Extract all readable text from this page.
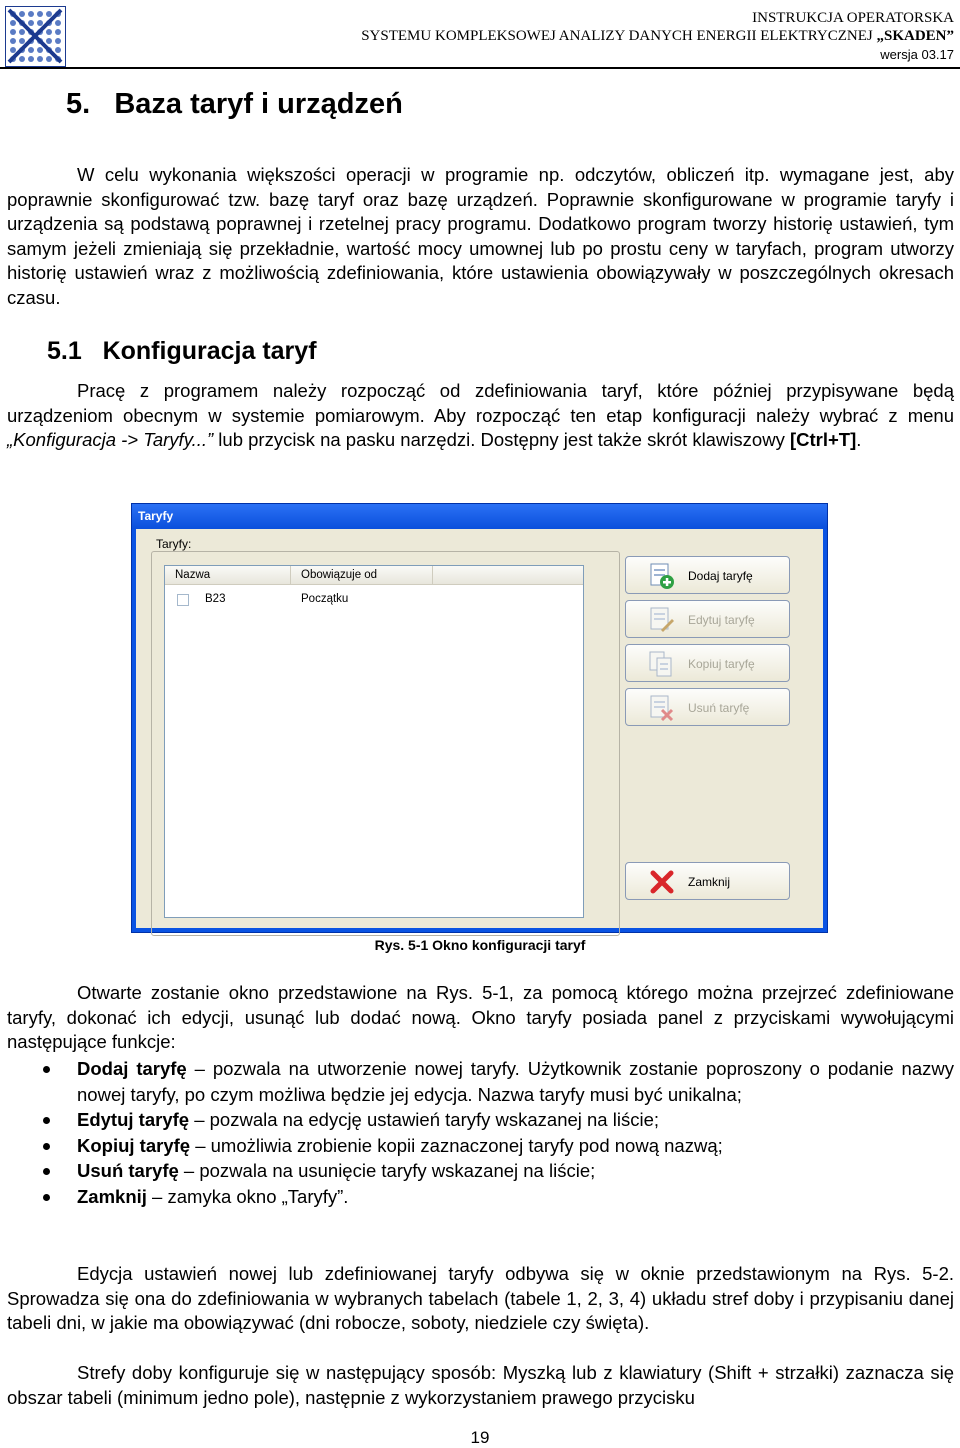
INSTRUKCJA OPERATORSKA
SYSTEMU KOMPLEKSOWEJ ANALIZY DANYCH ENERGII ELEKTRYCZNEJ „SKADEN”
wersja 03.17
5.   Baza taryf i urządzeń
W celu wykonania większości operacji w programie np. odczytów, obliczeń itp. wymagane jest, aby poprawnie skonfigurować tzw. bazę taryf oraz bazę urządzeń. Poprawnie skonfigurowane w programie taryfy i urządzenia są podstawą poprawnej i rzetelnej pracy programu. Dodatkowo program tworzy historię ustawień, tym samym jeżeli zmieniają się przekładnie, wartość mocy umownej lub po prostu ceny w taryfach, program utworzy historię ustawień wraz z możliwością zdefiniowania, które ustawienia obowiązywały w poszczególnych okresach czasu.
5.1   Konfiguracja taryf
Pracę z programem należy rozpocząć od zdefiniowania taryf, które później przypisywane będą urządzeniom obecnym w systemie pomiarowym. Aby rozpocząć ten etap konfiguracji należy wybrać z menu „Konfiguracja -> Taryfy...” lub przycisk na pasku narzędzi. Dostępny jest także skrót klawiszowy [Ctrl+T].
Taryfy
Taryfy:
Nazwa	Obowiązuje od
B23	Początku
Dodaj taryfę
Edytuj taryfę
Kopiuj taryfę
Usuń taryfę
Zamknij
Rys. 5-1 Okno konfiguracji taryf
Otwarte zostanie okno przedstawione na Rys. 5-1, za pomocą którego można przejrzeć zdefiniowane taryfy, dokonać ich edycji, usunąć lub dodać nową. Okno taryfy posiada panel z przyciskami wywołującymi następujące funkcje:
Dodaj taryfę – pozwala na utworzenie nowej taryfy. Użytkownik zostanie poproszony o podanie nazwy nowej taryfy, po czym możliwa będzie jej edycja. Nazwa taryfy musi być unikalna;
Edytuj taryfę – pozwala na edycję ustawień taryfy wskazanej na liście;
Kopiuj taryfę – umożliwia zrobienie kopii zaznaczonej taryfy pod nową nazwą;
Usuń taryfę – pozwala na usunięcie taryfy wskazanej na liście;
Zamknij – zamyka okno „Taryfy”.
Edycja ustawień nowej lub zdefiniowanej taryfy odbywa się w oknie przedstawionym na Rys. 5-2. Sprowadza się ona do zdefiniowania w wybranych tabelach (tabele 1, 2, 3, 4) układu stref doby i przypisaniu danej tabeli dni, w jakie ma obowiązywać (dni robocze, soboty, niedziele czy święta).
Strefy doby konfiguruje się w następujący sposób: Myszką lub z klawiatury (Shift + strzałki) zaznacza się obszar tabeli (minimum jedno pole), następnie z wykorzystaniem prawego przycisku
19
